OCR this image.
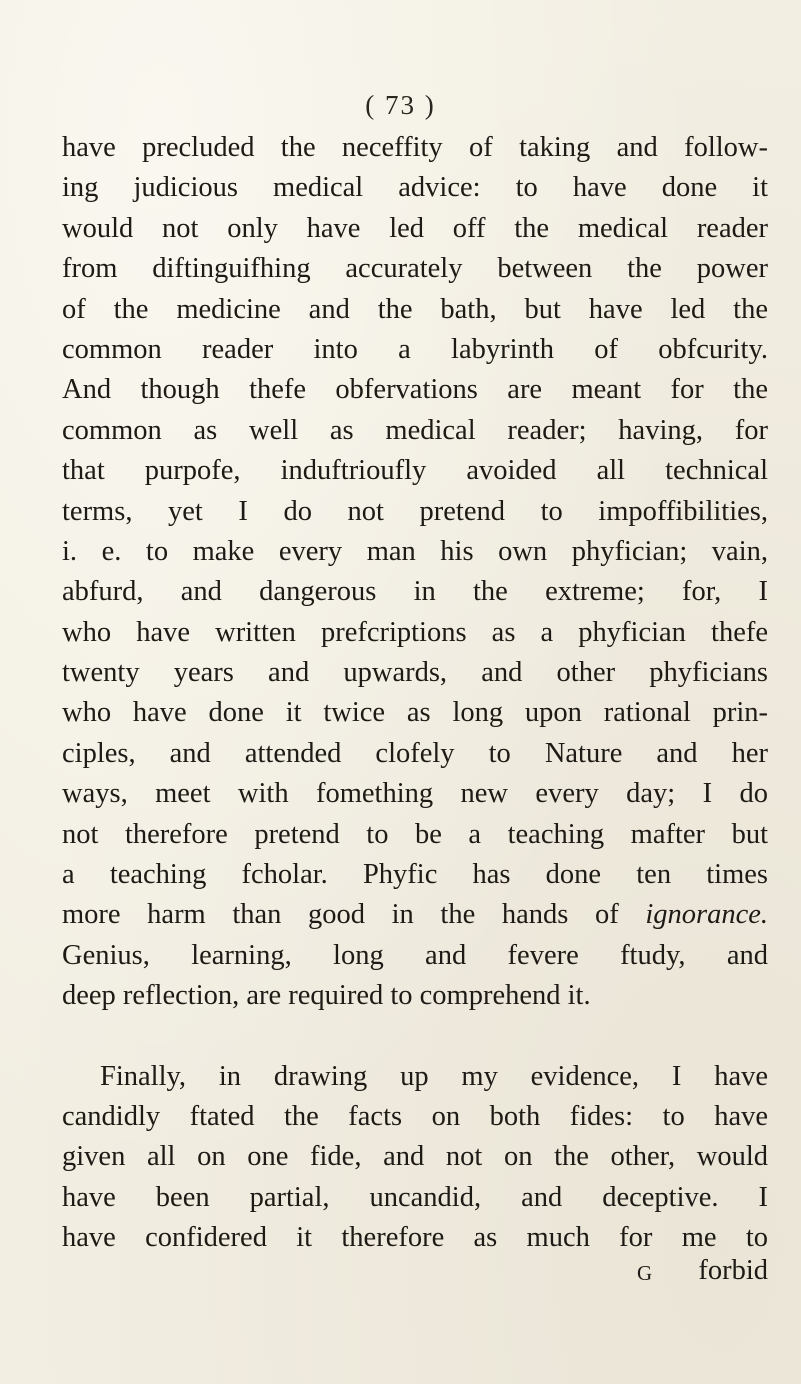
( 73 )
have precluded the neceffity of taking and follow-
ing judicious medical advice: to have done it
would not only have led off the medical reader
from diftinguifhing accurately between the power
of the medicine and the bath, but have led the
common reader into a labyrinth of obfcurity.
And though thefe obfervations are meant for the
common as well as medical reader; having, for
that purpofe, induftrioufly avoided all technical
terms, yet I do not pretend to impoffibilities,
i. e. to make every man his own phyfician; vain,
abfurd, and dangerous in the extreme; for, I
who have written prefcriptions as a phyfician thefe
twenty years and upwards, and other phyficians
who have done it twice as long upon rational prin-
ciples, and attended clofely to Nature and her
ways, meet with fomething new every day; I do
not therefore pretend to be a teaching mafter but
a teaching fcholar. Phyfic has done ten times
more harm than good in the hands of ignorance.
Genius, learning, long and fevere ftudy, and
deep reflection, are required to comprehend it.
Finally, in drawing up my evidence, I have
candidly ftated the facts on both fides: to have
given all on one fide, and not on the other, would
have been partial, uncandid, and deceptive. I
have confidered it therefore as much for me to
G forbid
